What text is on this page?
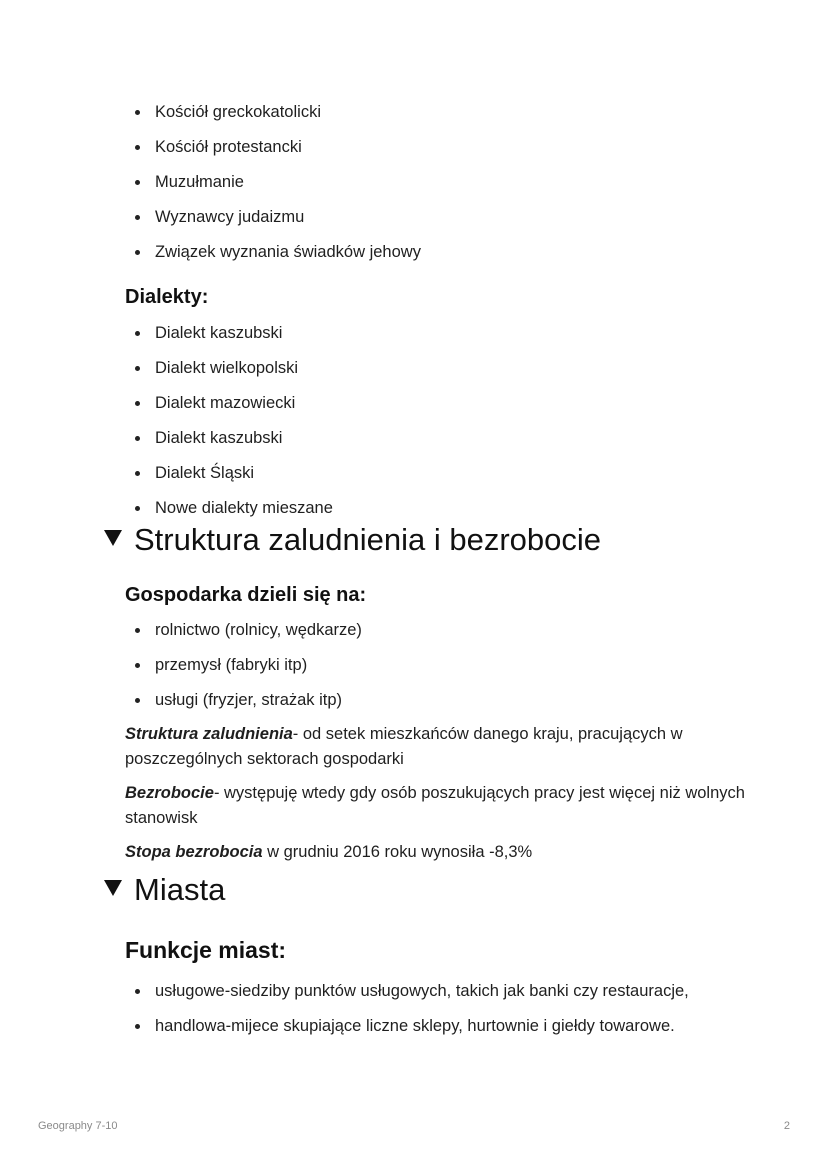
Kościół greckokatolicki
Kościół protestancki
Muzułmanie
Wyznawcy judaizmu
Związek wyznania świadków jehowy
Dialekty:
Dialekt kaszubski
Dialekt wielkopolski
Dialekt mazowiecki
Dialekt kaszubski
Dialekt Śląski
Nowe dialekty mieszane
Struktura zaludnienia i bezrobocie
Gospodarka dzieli się na:
rolnictwo (rolnicy, wędkarze)
przemysł (fabryki itp)
usługi (fryzjer, strażak itp)

Struktura zaludnienia- od setek mieszkańców danego kraju, pracujących w poszczególnych sektorach gospodarki

Bezrobocie- występuję wtedy gdy osób poszukujących pracy jest więcej niż wolnych stanowisk

Stopa bezrobocia w grudniu 2016 roku wynosiła -8,3%

Miasta
Funkcje miast:
usługowe-siedziby punktów usługowych, takich jak banki czy restauracje,
handlowa-mijece skupiające liczne sklepy, hurtownie i giełdy towarowe.
Geography 7-10	2
